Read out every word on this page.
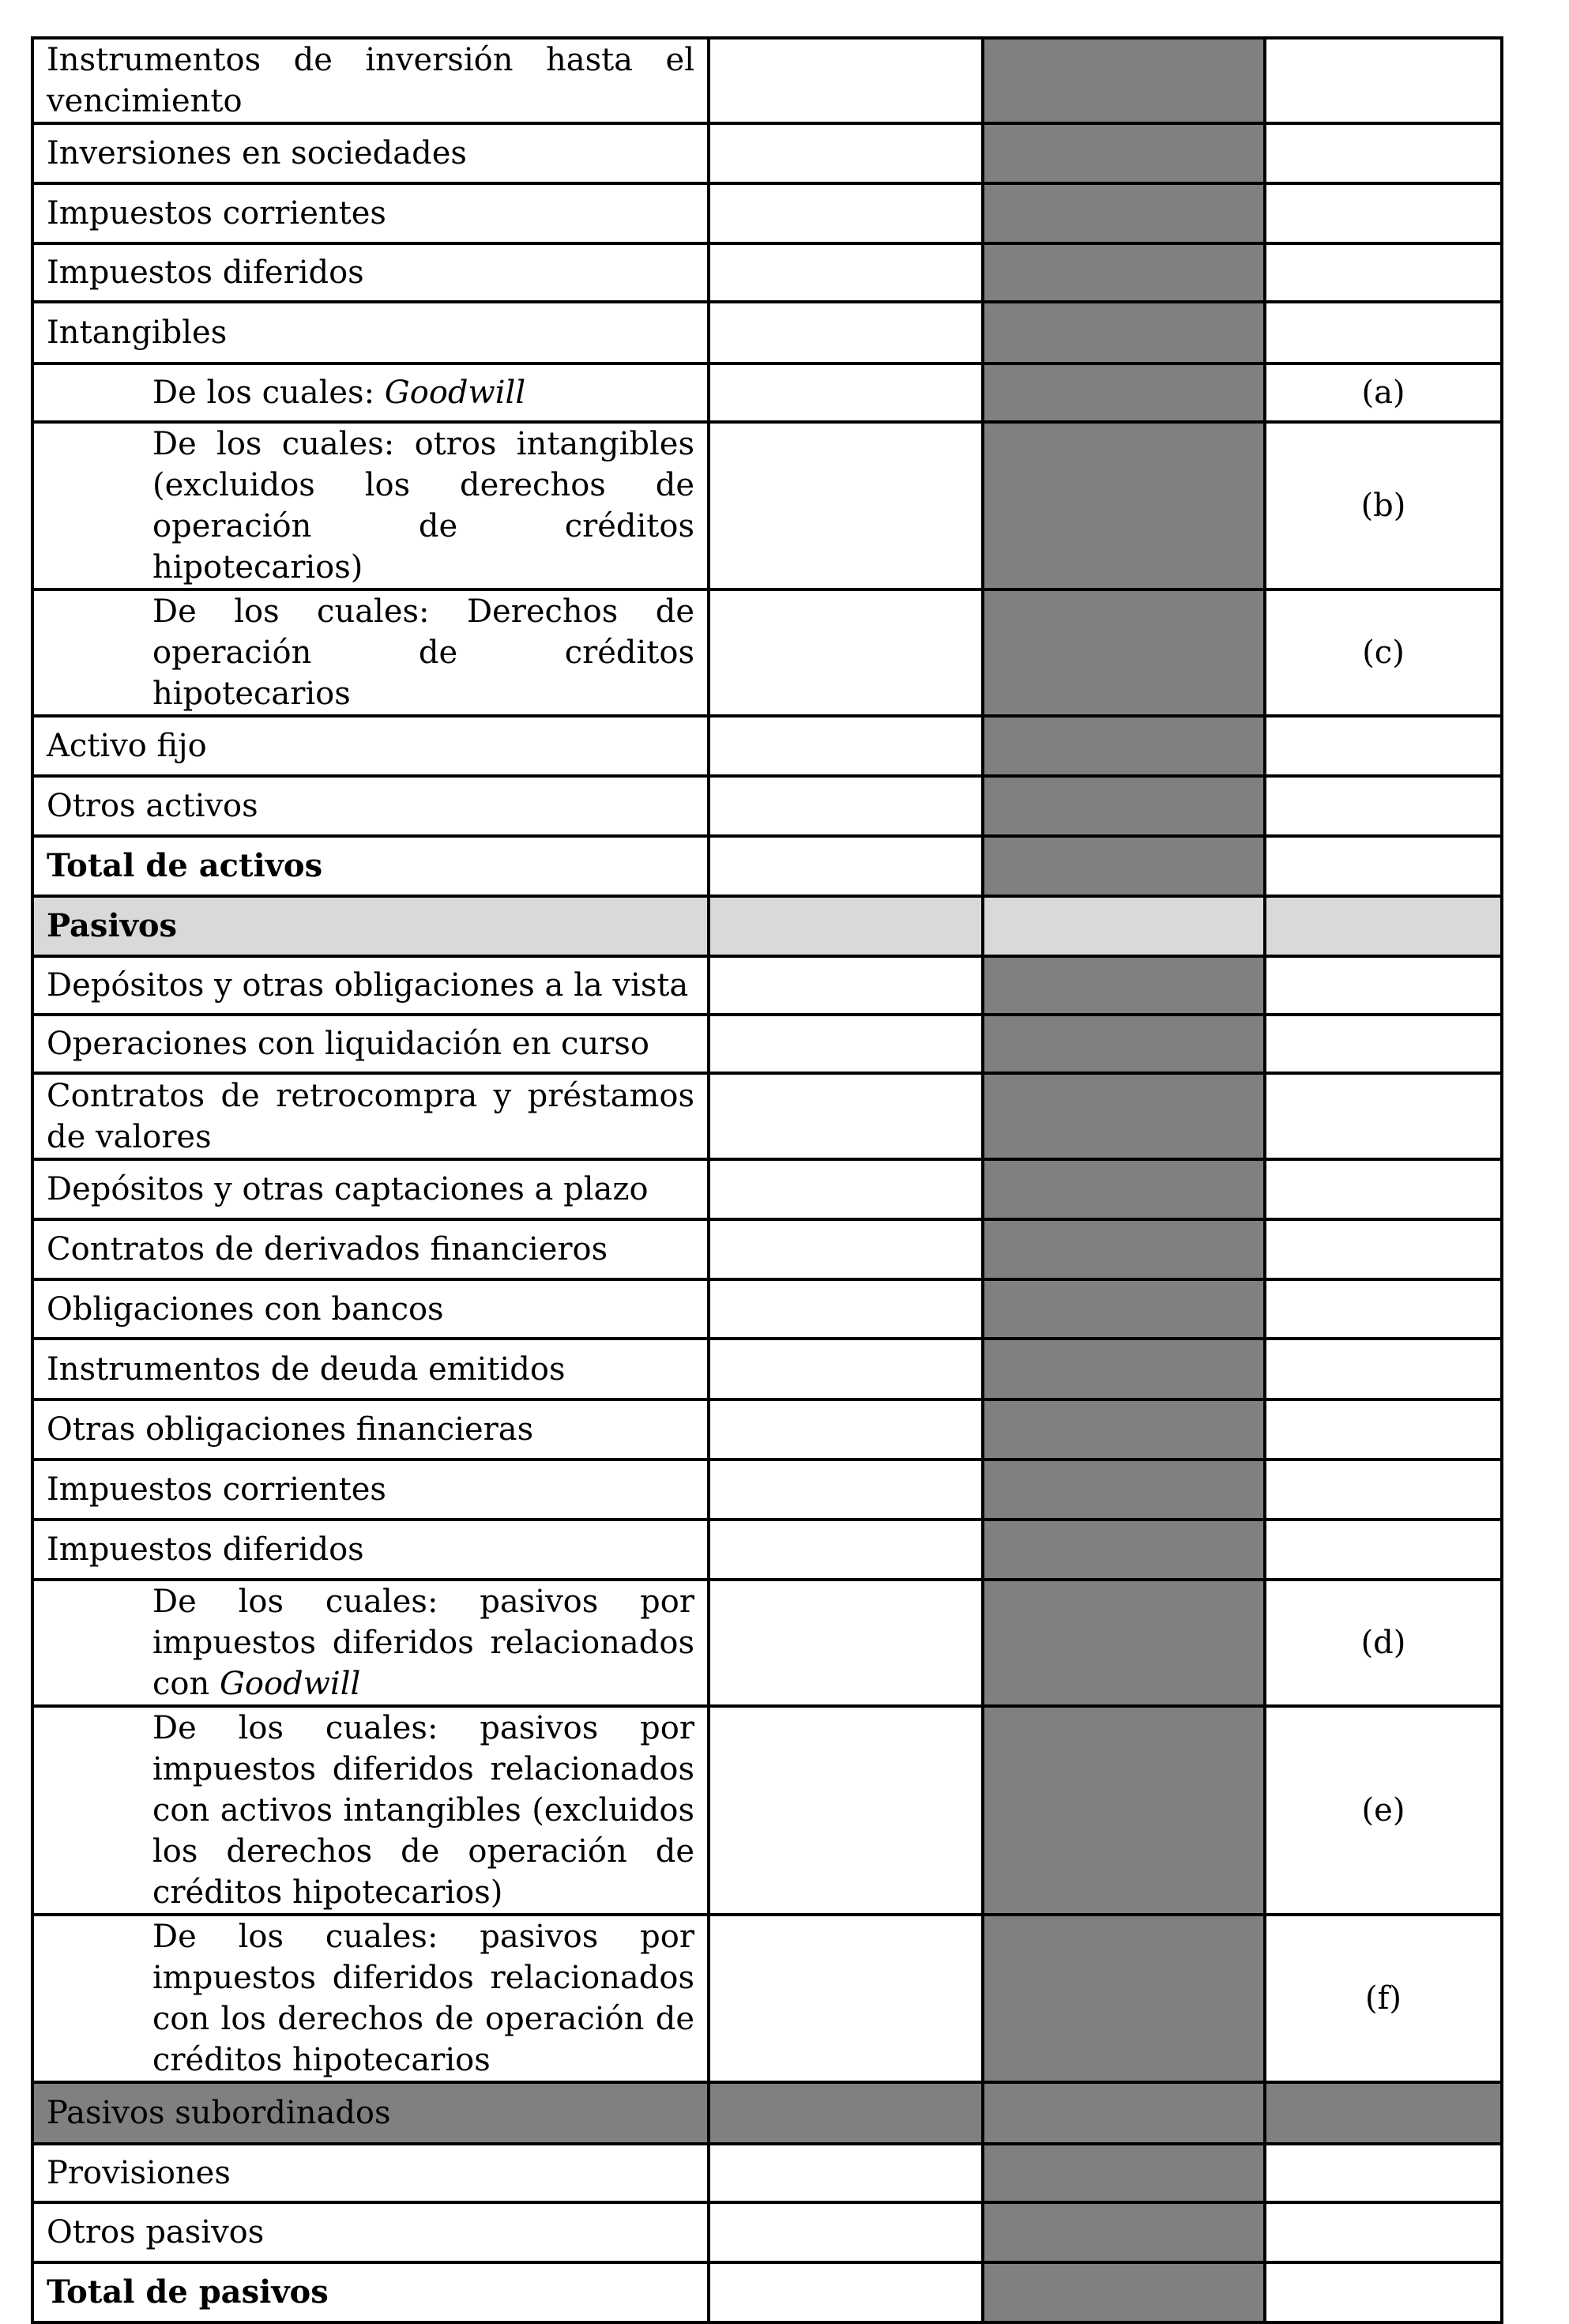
Instrumentos de inversión hasta el vencimiento			
Inversiones en sociedades			
Impuestos corrientes			
Impuestos diferidos			
Intangibles			
De los cuales: Goodwill			(a)
De los cuales: otros intangibles (excluidos los derechos de operación de créditos hipotecarios)			(b)
De los cuales: Derechos de operación de créditos hipotecarios			(c)
Activo fijo			
Otros activos			
Total de activos			
Pasivos			
Depósitos y otras obligaciones a la vista			
Operaciones con liquidación en curso			
Contratos de retrocompra y préstamos de valores			
Depósitos y otras captaciones a plazo			
Contratos de derivados financieros			
Obligaciones con bancos			
Instrumentos de deuda emitidos			
Otras obligaciones financieras			
Impuestos corrientes			
Impuestos diferidos			
De los cuales: pasivos por impuestos diferidos relacionados con Goodwill			(d)
De los cuales: pasivos por impuestos diferidos relacionados con activos intangibles (excluidos los derechos de operación de créditos hipotecarios)			(e)
De los cuales: pasivos por impuestos diferidos relacionados con los derechos de operación de créditos hipotecarios			(f)
Pasivos subordinados			
Provisiones			
Otros pasivos			
Total de pasivos			
